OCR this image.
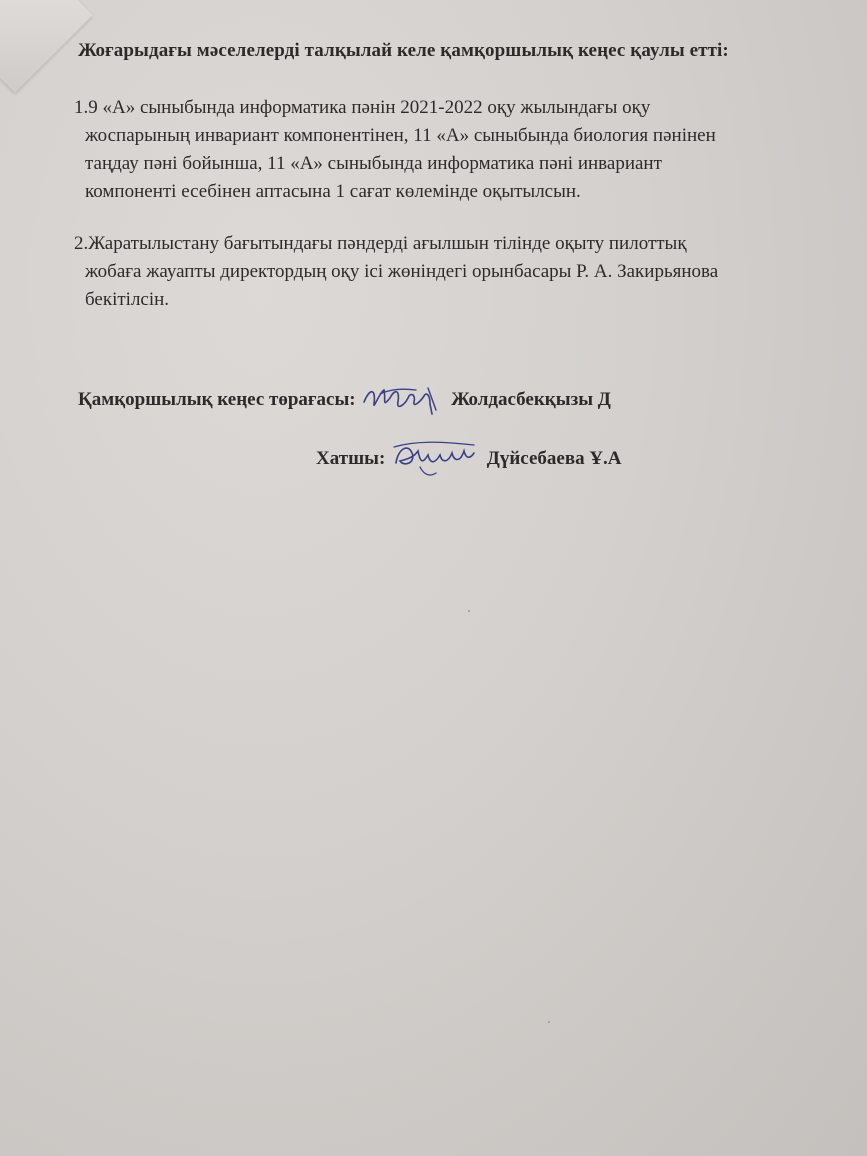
Жоғарыдағы мәселелерді талқылай келе қамқоршылық кеңес қаулы етті:
1.9 «А» сыныбында информатика пәнін 2021-2022 оқу жылындағы оқу
жоспарының инвариант компонентінен, 11 «А» сыныбында биология пәнінен
таңдау пәні бойынша, 11 «А» сыныбында информатика пәні инвариант
компоненті есебінен аптасына 1 сағат көлемінде оқытылсын.
2.Жаратылыстану бағытындағы пәндерді ағылшын тілінде оқыту пилоттық
жобаға жауапты директордың оқу ісі жөніндегі орынбасары Р. А. Закирьянова
бекітілсін.
Қамқоршылық кеңес төрағасы:	Жолдасбекқызы Д
Хатшы:	Дүйсебаева Ұ.А
